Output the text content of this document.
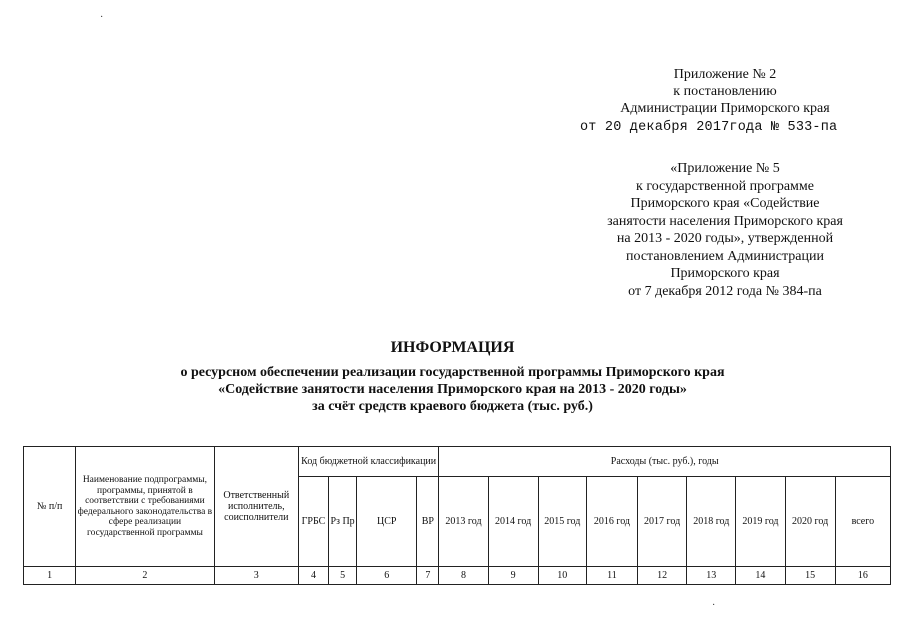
Приложение № 2
к постановлению
Администрации Приморского края
от 20 декабря 2017года № 533-па
«Приложение № 5
к государственной программе
Приморского края «Содействие
занятости населения Приморского края
на 2013 - 2020 годы», утвержденной
постановлением Администрации
Приморского края
от 7 декабря 2012 года № 384-па
ИНФОРМАЦИЯ
о ресурсном обеспечении реализации государственной программы Приморского края
«Содействие занятости населения Приморского края на 2013 - 2020 годы»
за счёт средств краевого бюджета (тыс. руб.)
№ п/п	Наименование подпрограммы, программы, принятой в соответствии с требованиями федерального законодательства в сфере реализации государственной программы	Ответственный исполнитель, соисполнители	Код бюджетной классификации				Расходы (тыс. руб.), годы								
			ГРБС	Рз Пр	ЦСР	ВР	2013 год	2014 год	2015 год	2016 год	2017 год	2018 год	2019 год	2020 год	всего
1	2	3	4	5	6	7	8	9	10	11	12	13	14	15	16
·
·
